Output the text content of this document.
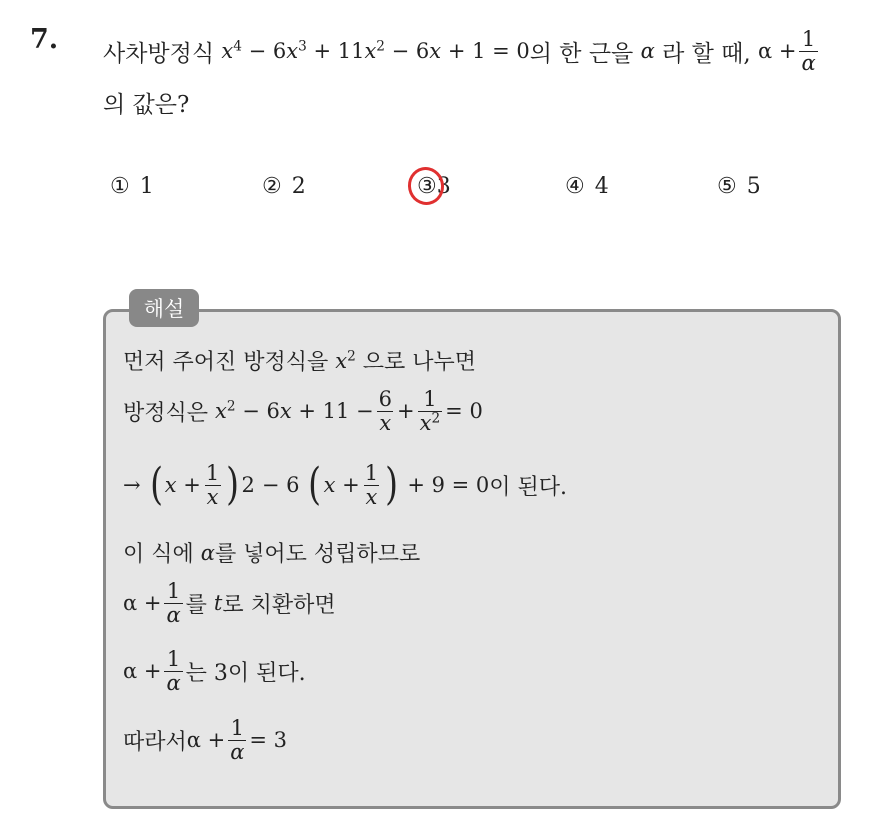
7. 사차방정식
$x^4 - 6x^3 + 11x^2 - 6x + 1 = 0$ 의 한 근을
α
라 할 때,
$\alpha + \frac{1}{\alpha}$
의 값은?
① 1	② 2	③3	④ 4	⑤ 5
해설
먼저 주어진 방정식을
$x^2$
으로 나누면
방정식은
$x^2 - 6x + 11 - \frac{6}{x} + \frac{1}{x^2} = 0$
→
( $x + \frac{1}{x}$ ) 2
− 6
( $x + \frac{1}{x}$ )
+ 9 = 0 이 된다.
이 식에
α 를 넣어도 성립하므로
$\alpha + \frac{1}{\alpha}$ 를
t 로 치환하면
$\alpha + \frac{1}{\alpha}$ 는 3이 된다.
따라서 $\alpha + \frac{1}{\alpha} = 3$
